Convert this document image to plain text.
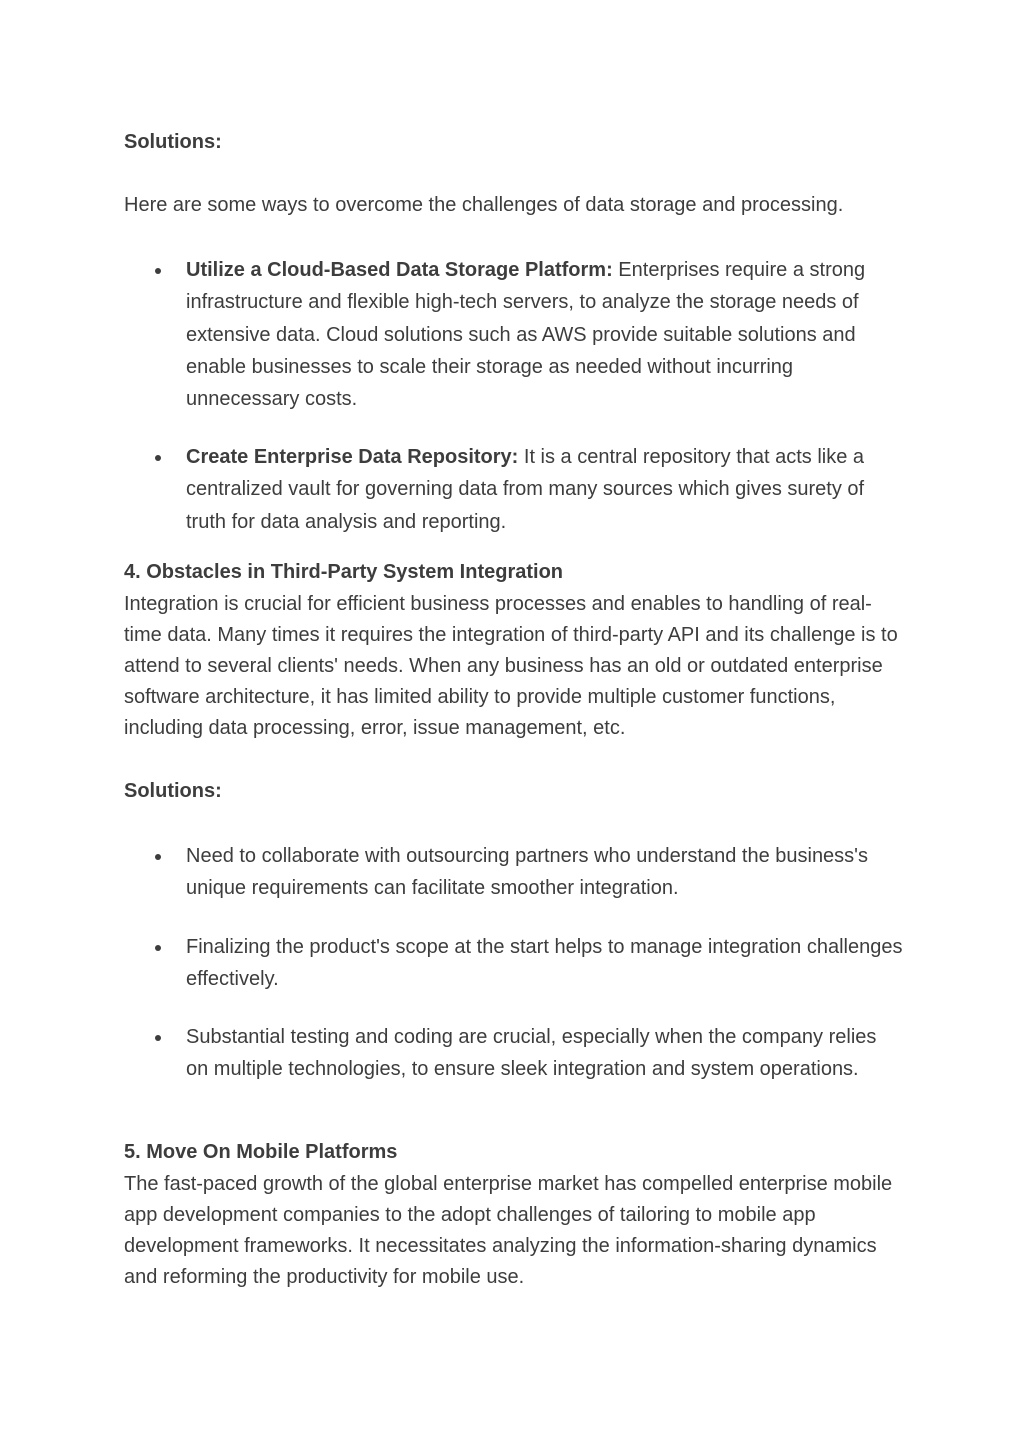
Solutions:
Here are some ways to overcome the challenges of data storage and processing.
Utilize a Cloud-Based Data Storage Platform: Enterprises require a strong infrastructure and flexible high-tech servers, to analyze the storage needs of extensive data. Cloud solutions such as AWS provide suitable solutions and enable businesses to scale their storage as needed without incurring unnecessary costs.
Create Enterprise Data Repository: It is a central repository that acts like a centralized vault for governing data from many sources which gives surety of truth for data analysis and reporting.
4. Obstacles in Third-Party System Integration
Integration is crucial for efficient business processes and enables to handling of real-time data. Many times it requires the integration of third-party API and its challenge is to attend to several clients' needs. When any business has an old or outdated enterprise software architecture, it has limited ability to provide multiple customer functions, including data processing, error, issue management, etc.
Solutions:
Need to collaborate with outsourcing partners who understand the business's unique requirements can facilitate smoother integration.
Finalizing the product's scope at the start helps to manage integration challenges effectively.
Substantial testing and coding are crucial, especially when the company relies on multiple technologies, to ensure sleek integration and system operations.
5. Move On Mobile Platforms
The fast-paced growth of the global enterprise market has compelled enterprise mobile app development companies to the adopt challenges of tailoring to mobile app development frameworks. It necessitates analyzing the information-sharing dynamics and reforming the productivity for mobile use.
